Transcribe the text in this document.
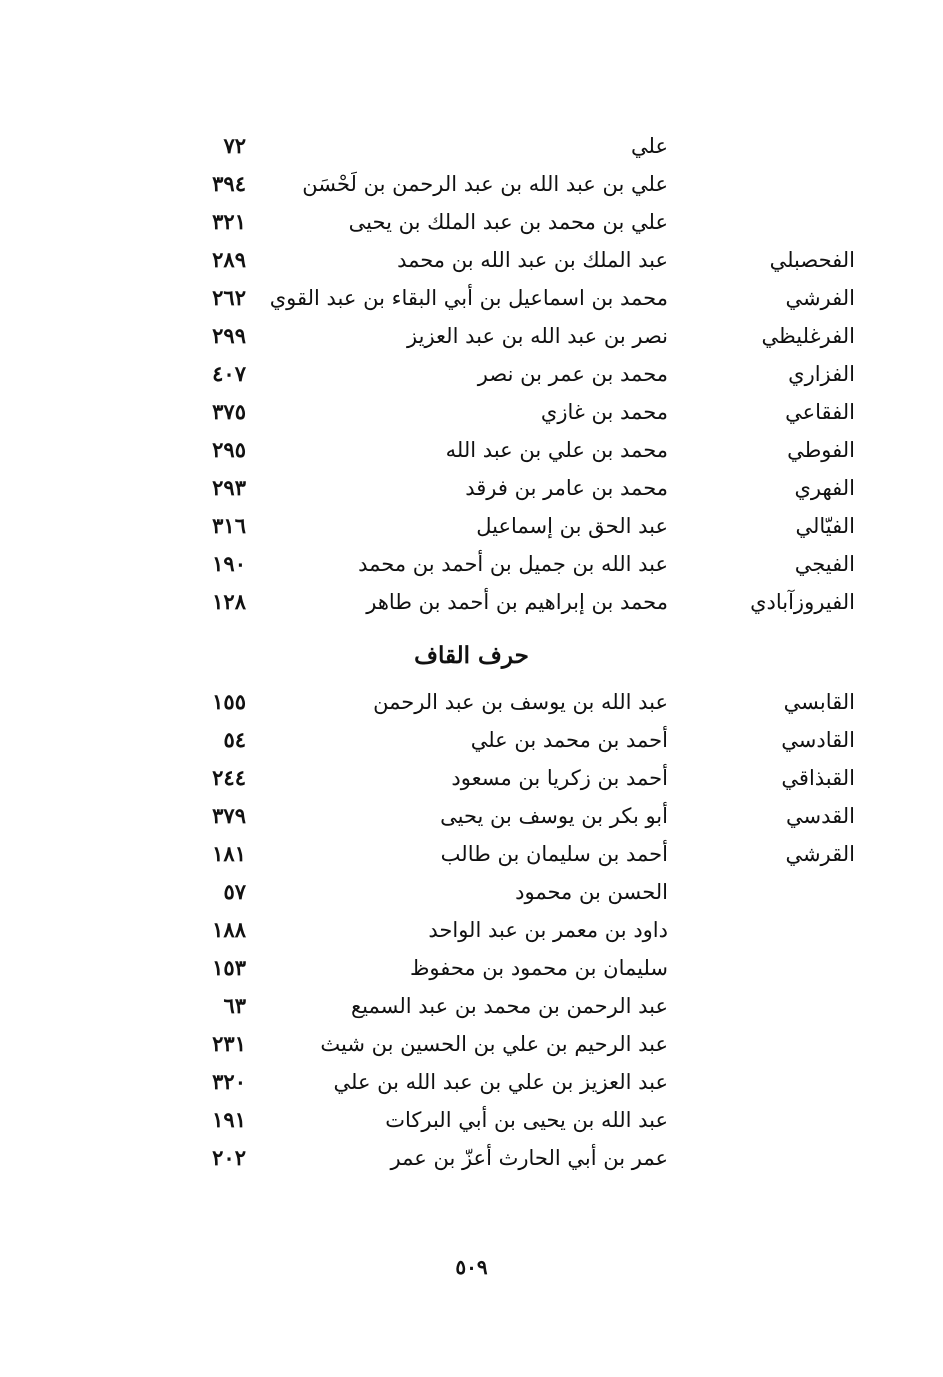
حرف القاف
٥٠٩
علي
٧٢
علي بن عبد الله بن عبد الرحمن بن لَحْسَن
٣٩٤
علي بن محمد بن عبد الملك بن يحيى
٣٢١
الفحصبلي
عبد الملك بن عبد الله بن محمد
٢٨٩
الفرشي
محمد بن اسماعيل بن أبي البقاء بن عبد القوي
٢٦٢
الفرغليظي
نصر بن عبد الله بن عبد العزيز
٢٩٩
الفزاري
محمد بن عمر بن نصر
٤٠٧
الفقاعي
محمد بن غازي
٣٧٥
الفوطي
محمد بن علي بن عبد الله
٢٩٥
الفهري
محمد بن عامر بن فرقد
٢٩٣
الفيّالي
عبد الحق بن إسماعيل
٣١٦
الفيجي
عبد الله بن جميل بن أحمد بن محمد
١٩٠
الفيروزآبادي
محمد بن إبراهيم بن أحمد بن طاهر
١٢٨
القابسي
عبد الله بن يوسف بن عبد الرحمن
١٥٥
القادسي
أحمد بن محمد بن علي
٥٤
القبذاقي
أحمد بن زكريا بن مسعود
٢٤٤
القدسي
أبو بكر بن يوسف بن يحيى
٣٧٩
القرشي
أحمد بن سليمان بن طالب
١٨١
الحسن بن محمود
٥٧
داود بن معمر بن عبد الواحد
١٨٨
سليمان بن محمود بن محفوظ
١٥٣
عبد الرحمن بن محمد بن عبد السميع
٦٣
عبد الرحيم بن علي بن الحسين بن شيث
٢٣١
عبد العزيز بن علي بن عبد الله بن علي
٣٢٠
عبد الله بن يحيى بن أبي البركات
١٩١
عمر بن أبي الحارث أعزّ بن عمر
٢٠٢
